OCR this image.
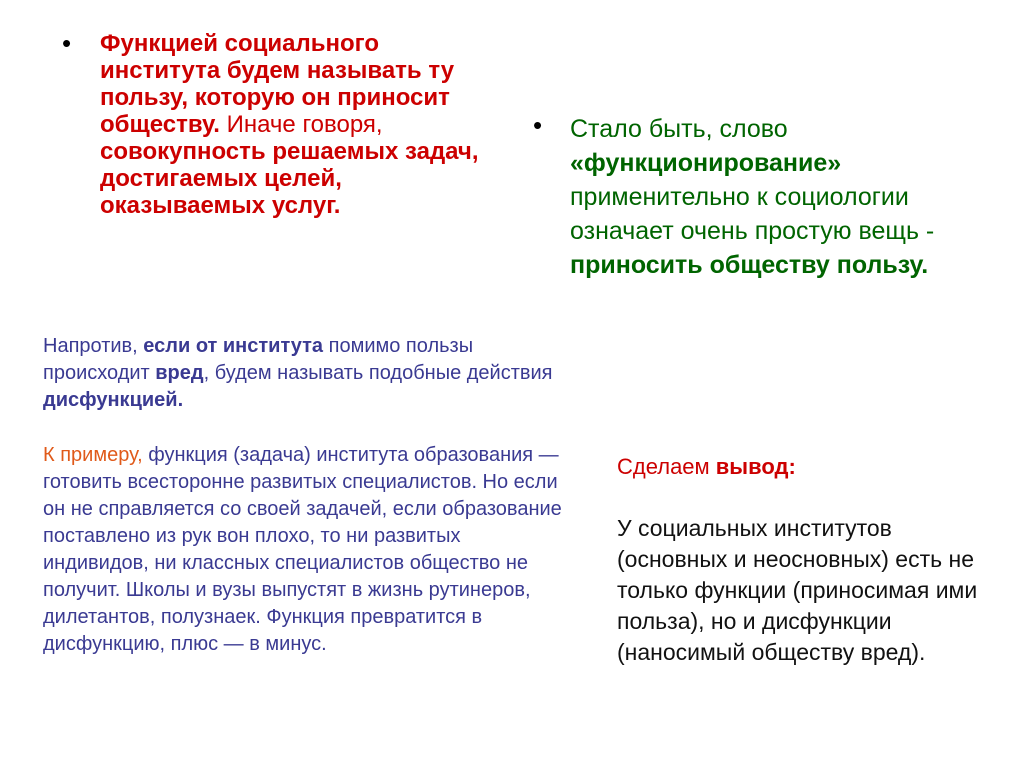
• Функцией социального института будем называть ту пользу, которую он приносит обществу. Иначе говоря, совокупность решаемых задач, достигаемых целей, оказываемых услуг.
• Стало быть, слово «функционирование» применительно к социологии означает очень простую вещь - приносить обществу пользу.
Напротив, если от института помимо пользы происходит вред, будем называть подобные действия дисфункцией.
К примеру, функция (задача) института образования — готовить всесторонне развитых специалистов. Но если он не справляется со своей задачей, если образование поставлено из рук вон плохо, то ни развитых индивидов, ни классных специалистов общество не получит. Школы и вузы выпустят в жизнь рутинеров, дилетантов, полузнаек. Функция превратится в дисфункцию, плюс — в минус.
Сделаем вывод:
У социальных институтов (основных и неосновных) есть не только функции (приносимая ими польза), но и дисфункции (наносимый обществу вред).
